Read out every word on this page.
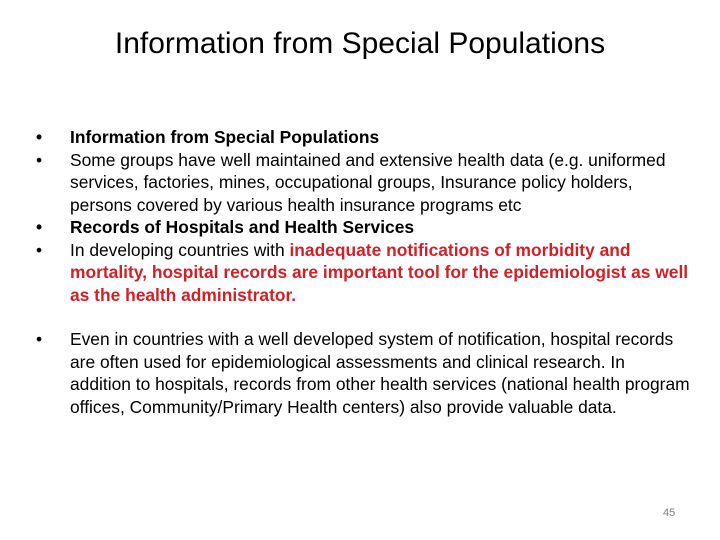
Information from Special Populations
• Information from Special Populations
• Some groups have well maintained and extensive health data (e.g. uniformed services, factories, mines, occupational groups, Insurance policy holders, persons covered by various health insurance programs etc
• Records of Hospitals and Health Services
• In developing countries with inadequate notifications of morbidity and mortality, hospital records are important tool for the epidemiologist as well as the health administrator.
• Even in countries with a well developed system of notification, hospital records are often used for epidemiological assessments and clinical research. In addition to hospitals, records from other health services (national health program offices, Community/Primary Health centers) also provide valuable data.
45
